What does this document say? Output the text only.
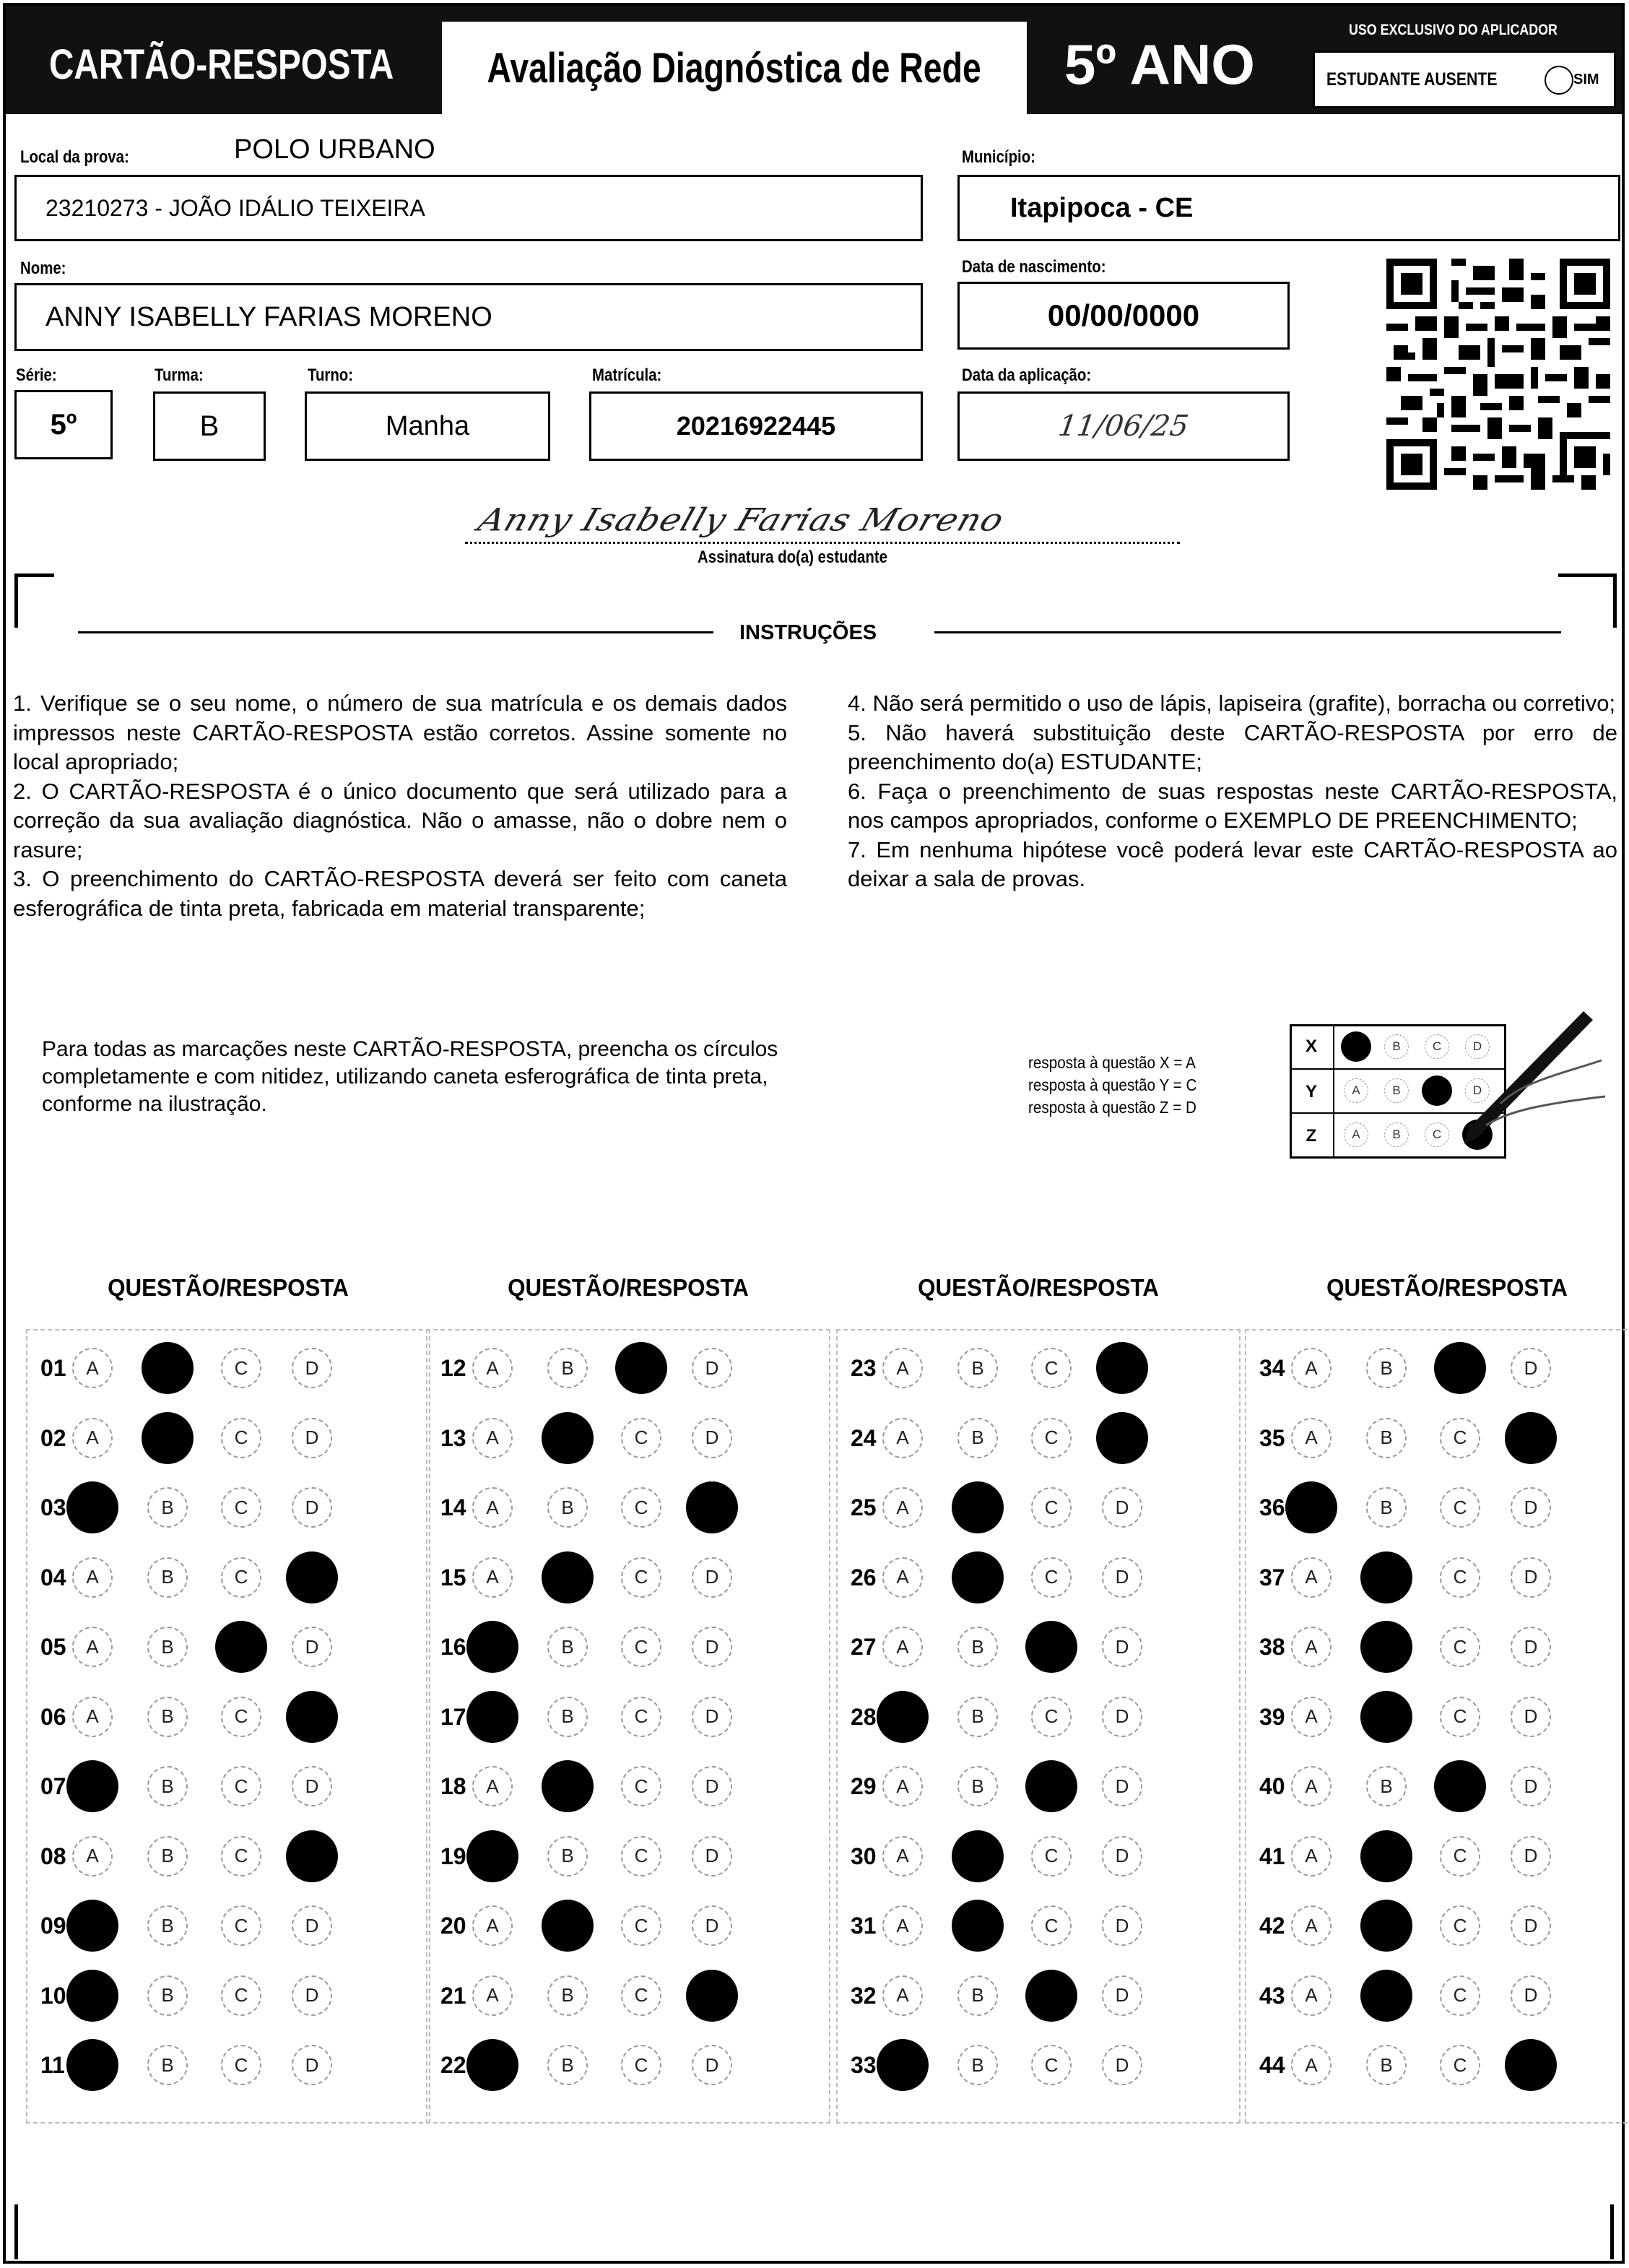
CARTÃO-RESPOSTA Avaliação Diagnóstica de Rede 5º ANO
USO EXCLUSIVO DO APLICADOR
ESTUDANTE AUSENTE	SIM
Local da prova:	POLO URBANO
23210273 - JOÃO IDÁLIO TEIXEIRA
Município:
Itapipoca - CE
Nome:
ANNY ISABELLY FARIAS MORENO
Data de nascimento:
00/00/0000
Série:
5º
Turma:
B
Turno:
Manha
Matrícula:
20216922445
Data da aplicação:
11/06/25
Anny Isabelly Farias Moreno
Assinatura do(a) estudante
INSTRUÇÕES

1. Verifique se o seu nome, o número de sua matrícula e os demais dados impressos neste CARTÃO-RESPOSTA estão corretos. Assine somente no local apropriado;

2. O CARTÃO-RESPOSTA é o único documento que será utilizado para a correção da sua avaliação diagnóstica. Não o amasse, não o dobre nem o rasure;

3. O preenchimento do CARTÃO-RESPOSTA deverá ser feito com caneta esferográfica de tinta preta, fabricada em material transparente;

4. Não será permitido o uso de lápis, lapiseira (grafite), borracha ou corretivo;

5. Não haverá substituição deste CARTÃO-RESPOSTA por erro de preenchimento do(a) ESTUDANTE;

6. Faça o preenchimento de suas respostas neste CARTÃO-RESPOSTA, nos campos apropriados, conforme o EXEMPLO DE PREENCHIMENTO;

7. Em nenhuma hipótese você poderá levar este CARTÃO-RESPOSTA ao deixar a sala de provas.

Para todas as marcações neste CARTÃO-RESPOSTA, preencha os círculos completamente e com nitidez, utilizando caneta esferográfica de tinta preta, conforme na ilustração.
resposta à questão X = A
resposta à questão Y = C
resposta à questão Z = D
X	A	B	C	D
Y	A	B	C	D
Z	A	B	C
QUESTÃO/RESPOSTA
01	A	B	C	D
02	A	B	C	D
03	A	B	C	D
04	A	B	C	D
05	A	B	C	D
06	A	B	C	D
07	A	B	C	D
08	A	B	C	D
09	A	B	C	D
10	A	B	C	D
11	A	B	C	D
QUESTÃO/RESPOSTA
12	A	B	C	D
13	A	B	C	D
14	A	B	C	D
15	A	B	C	D
16	A	B	C	D
17	A	B	C	D
18	A	B	C	D
19	A	B	C	D
20	A	B	C	D
21	A	B	C	D
22	A	B	C	D
QUESTÃO/RESPOSTA
23	A	B	C	D
24	A	B	C	D
25	A	B	C	D
26	A	B	C	D
27	A	B	C	D
28	A	B	C	D
29	A	B	C	D
30	A	B	C	D
31	A	B	C	D
32	A	B	C	D
33	A	B	C	D
QUESTÃO/RESPOSTA
34	A	B	C	D
35	A	B	C	D
36	A	B	C	D
37	A	B	C	D
38	A	B	C	D
39	A	B	C	D
40	A	B	C	D
41	A	B	C	D
42	A	B	C	D
43	A	B	C	D
44	A	B	C	D
